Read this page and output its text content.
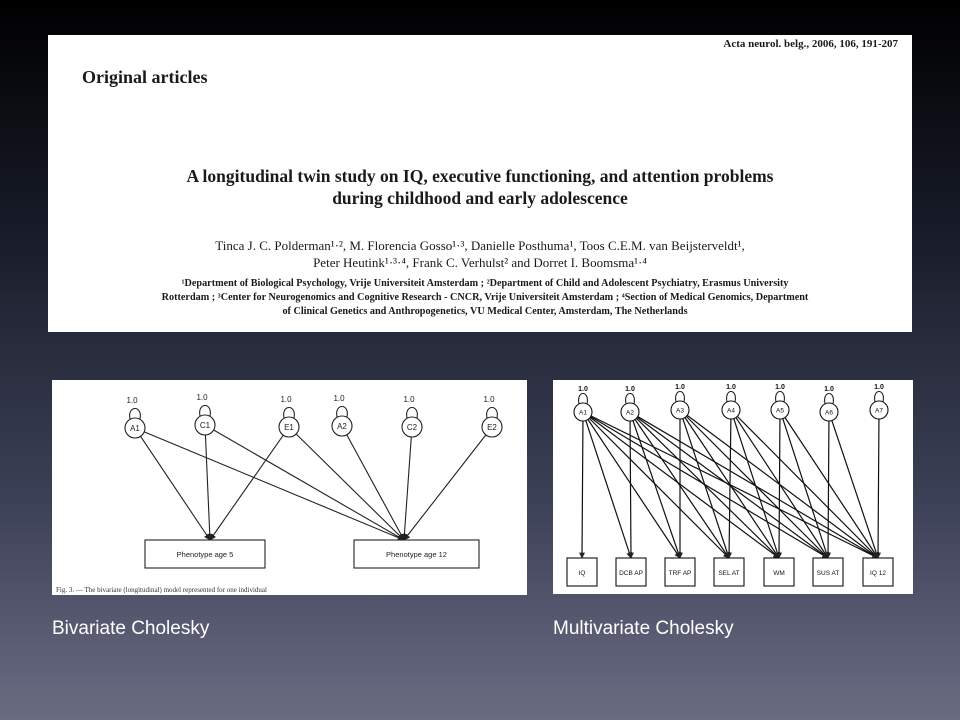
Acta neurol. belg., 2006, 106, 191-207
Original articles
A longitudinal twin study on IQ, executive functioning, and attention problems
during childhood and early adolescence
Tinca J. C. Polderman¹·², M. Florencia Gosso¹·³, Danielle Posthuma¹, Toos C.E.M. van Beijsterveldt¹,
Peter Heutink¹·³·⁴, Frank C. Verhulst² and Dorret I. Boomsma¹·⁴
¹Department of Biological Psychology, Vrije Universiteit Amsterdam ; ²Department of Child and Adolescent Psychiatry, Erasmus University
Rotterdam ; ³Center for Neurogenomics and Cognitive Research - CNCR, Vrije Universiteit Amsterdam ; ⁴Section of Medical Genomics, Department
of Clinical Genetics and Anthropogenetics, VU Medical Center, Amsterdam, The Netherlands
1.0
A1
1.0
C1
1.0
E1
1.0
A2
1.0
C2
1.0
E2
Phenotype age 5	Phenotype age 12
Fig. 3. — The bivariate (longitudinal) model represented for one individual
1.0
A1
1.0
A2
1.0
A3
1.0
A4
1.0
A5
1.0
A6
1.0
A7
IQ	DCB AP	TRF AP	SEL AT	WM	SUS AT	IQ 12
Bivariate Cholesky	Multivariate Cholesky
